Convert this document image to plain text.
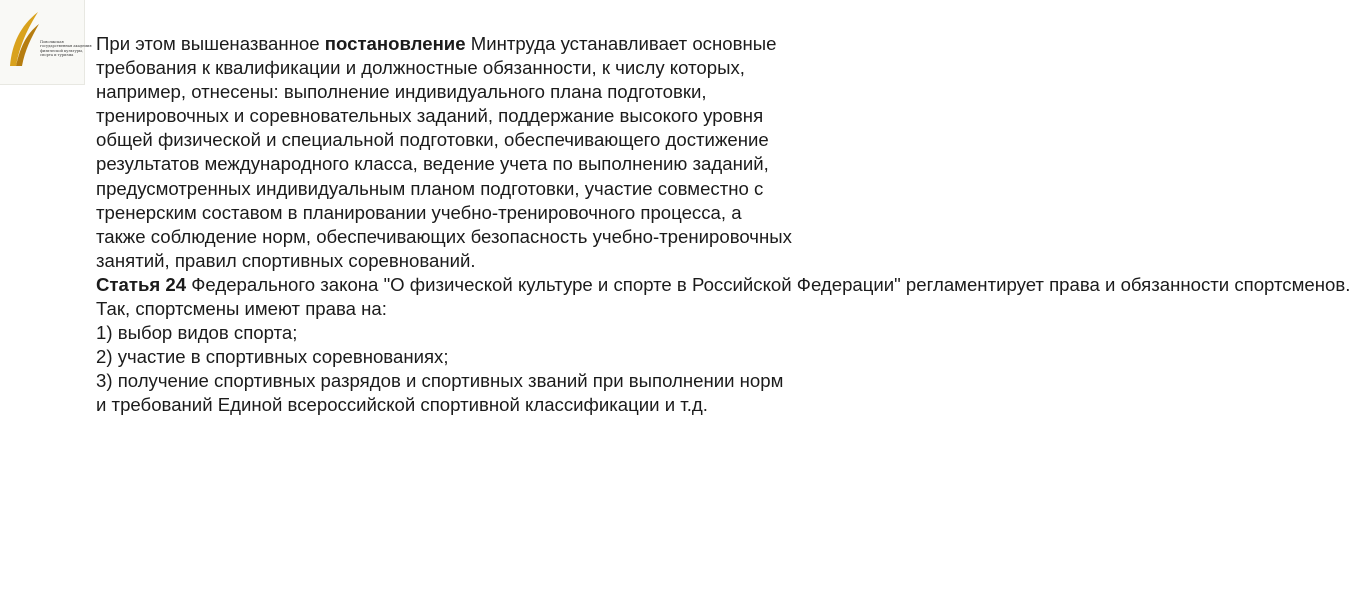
Поволжская
государственная академия
физической культуры,
спорта и туризма

При этом вышеназванное постановление Минтруда устанавливает основные требования к квалификации и должностные обязанности, к числу которых, например, отнесены: выполнение индивидуального плана подготовки, тренировочных и соревновательных заданий, поддержание высокого уровня общей физической и специальной подготовки, обеспечивающего достижение результатов международного класса, ведение учета по выполнению заданий, предусмотренных индивидуальным планом подготовки, участие совместно с тренерским составом в планировании учебно-тренировочного процесса, а также соблюдение норм, обеспечивающих безопасность учебно-тренировочных занятий, правил спортивных соревнований.

Статья 24 Федерального закона "О физической культуре и спорте в Российской Федерации" регламентирует права и обязанности спортсменов.

Так, спортсмены имеют права на:

1) выбор видов спорта;

2) участие в спортивных соревнованиях;

3) получение спортивных разрядов и спортивных званий при выполнении норм и требований Единой всероссийской спортивной классификации и т.д.
